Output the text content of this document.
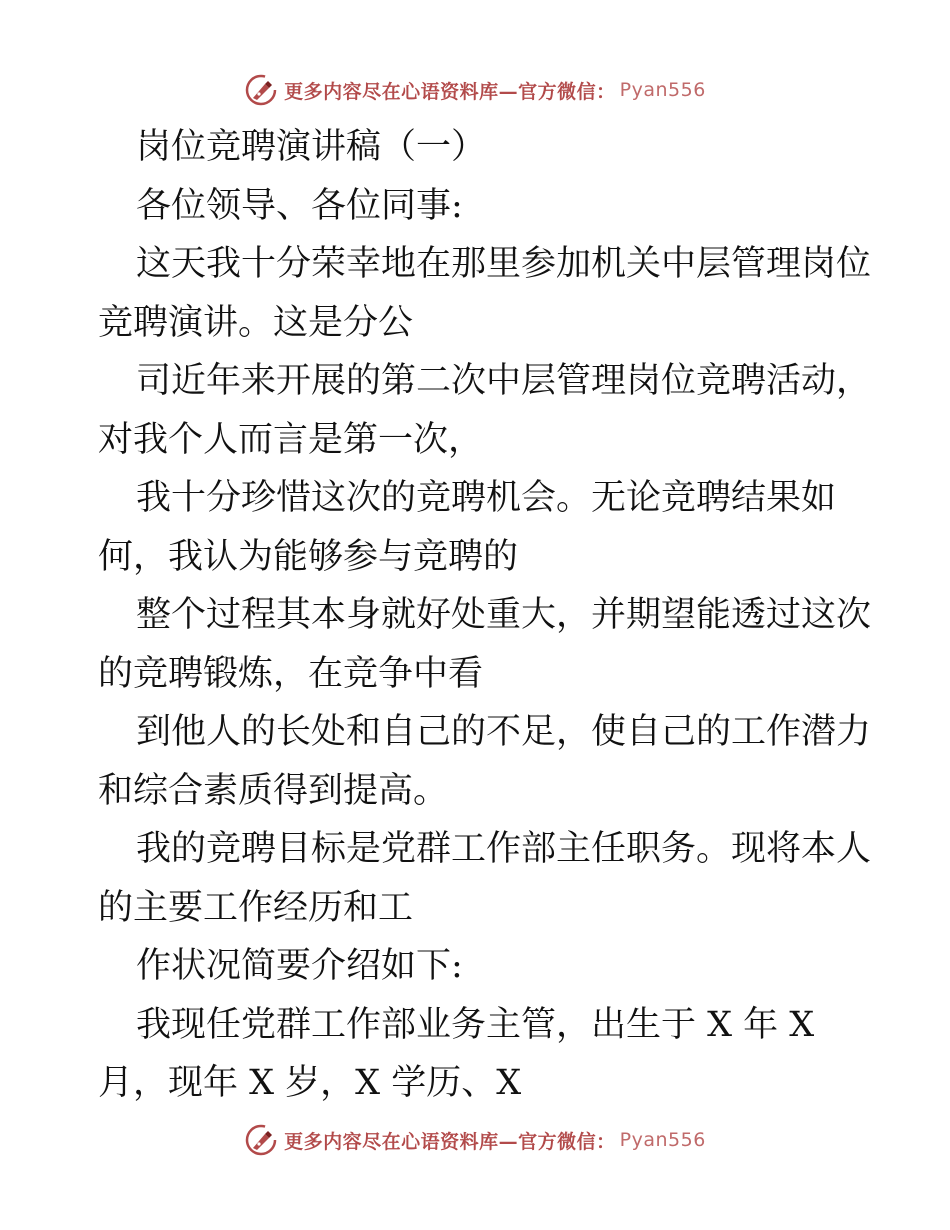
更多内容尽在心语资料库—官方微信： Pyan556
岗位竞聘演讲稿（一）
各位领导、各位同事:
这天我十分荣幸地在那里参加机关中层管理岗位
竞聘演讲。这是分公
司近年来开展的第二次中层管理岗位竞聘活动，
对我个人而言是第一次，
我十分珍惜这次的竞聘机会。无论竞聘结果如
何，我认为能够参与竞聘的
整个过程其本身就好处重大，并期望能透过这次
的竞聘锻炼，在竞争中看
到他人的长处和自己的不足，使自己的工作潜力
和综合素质得到提高。
我的竞聘目标是党群工作部主任职务。现将本人
的主要工作经历和工
作状况简要介绍如下:
我现任党群工作部业务主管，出生于 X 年 X
月，现年 X 岁，X 学历、X
更多内容尽在心语资料库—官方微信： Pyan556
